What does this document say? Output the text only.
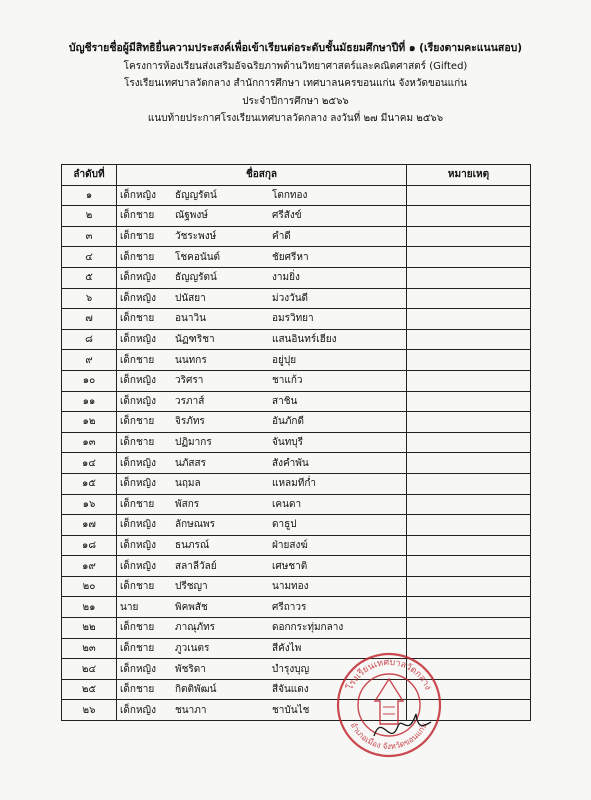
บัญชีรายชื่อผู้มีสิทธิยื่นความประสงค์เพื่อเข้าเรียนต่อระดับชั้นมัธยมศึกษาปีที่ ๑ (เรียงตามคะแนนสอบ)
โครงการห้องเรียนส่งเสริมอัจฉริยภาพด้านวิทยาศาสตร์และคณิตศาสตร์ (Gifted)
โรงเรียนเทศบาลวัดกลาง สำนักการศึกษา เทศบาลนครขอนแก่น จังหวัดขอนแก่น
ประจำปีการศึกษา ๒๕๖๖
แนบท้ายประกาศโรงเรียนเทศบาลวัดกลาง ลงวันที่ ๒๗ มีนาคม ๒๕๖๖
ลำดับที่	ชื่อสกุล	หมายเหตุ
๑	เด็กหญิง ธัญญรัตน์ โตกทอง	

๒	เด็กชาย ณัฐพงษ์ ศรีสังข์	

๓	เด็กชาย วัชระพงษ์ คำดี	

๔	เด็กชาย โชคอนันต์ ชัยศรีหา	

๕	เด็กหญิง ธัญญรัตน์ งามยิ่ง	

๖	เด็กหญิง ปนัสยา ม่วงวันดี	

๗	เด็กชาย อนาวิน อมรวิทยา	

๘	เด็กหญิง นัฏฑริชา แสนอินทร์เฮียง	

๙	เด็กชาย นนทกร อยู่ปุย	

๑๐	เด็กหญิง วริศรา ชาแก้ว	

๑๑	เด็กหญิง วรภาส์ สาชิน	

๑๒	เด็กชาย จิรภัทร อันภักดี	

๑๓	เด็กชาย ปฏิมากร จันทบุรี	

๑๔	เด็กหญิง นภัสสร สังคำพัน	

๑๕	เด็กหญิง นฤมล แหลมทีก่ำ	

๑๖	เด็กชาย พัสกร เคนดา	

๑๗	เด็กหญิง ลักษณพร ดาธูป	

๑๘	เด็กหญิง ธนภรณ์ ฝ่ายสงฆ์	

๑๙	เด็กหญิง สลาลีวัลย์ เศษชาติ	

๒๐	เด็กชาย ปรีชญา นามทอง	

๒๑	นาย พิคพสัช ศรีถาวร	

๒๒	เด็กชาย ภาณุภัทร ดอกกระทุ่มกลาง	

๒๓	เด็กชาย ภูวเนตร สีคังไพ	

๒๔	เด็กหญิง พัชริดา บำรุงบุญ	

๒๕	เด็กชาย กิตติพัฒน์ สีจันแดง	

๒๖	เด็กหญิง ชนาภา ชาบันไช	

โรงเรียนเทศบาลวัดกลาง
อำเภอเมือง จังหวัดขอนแก่น
